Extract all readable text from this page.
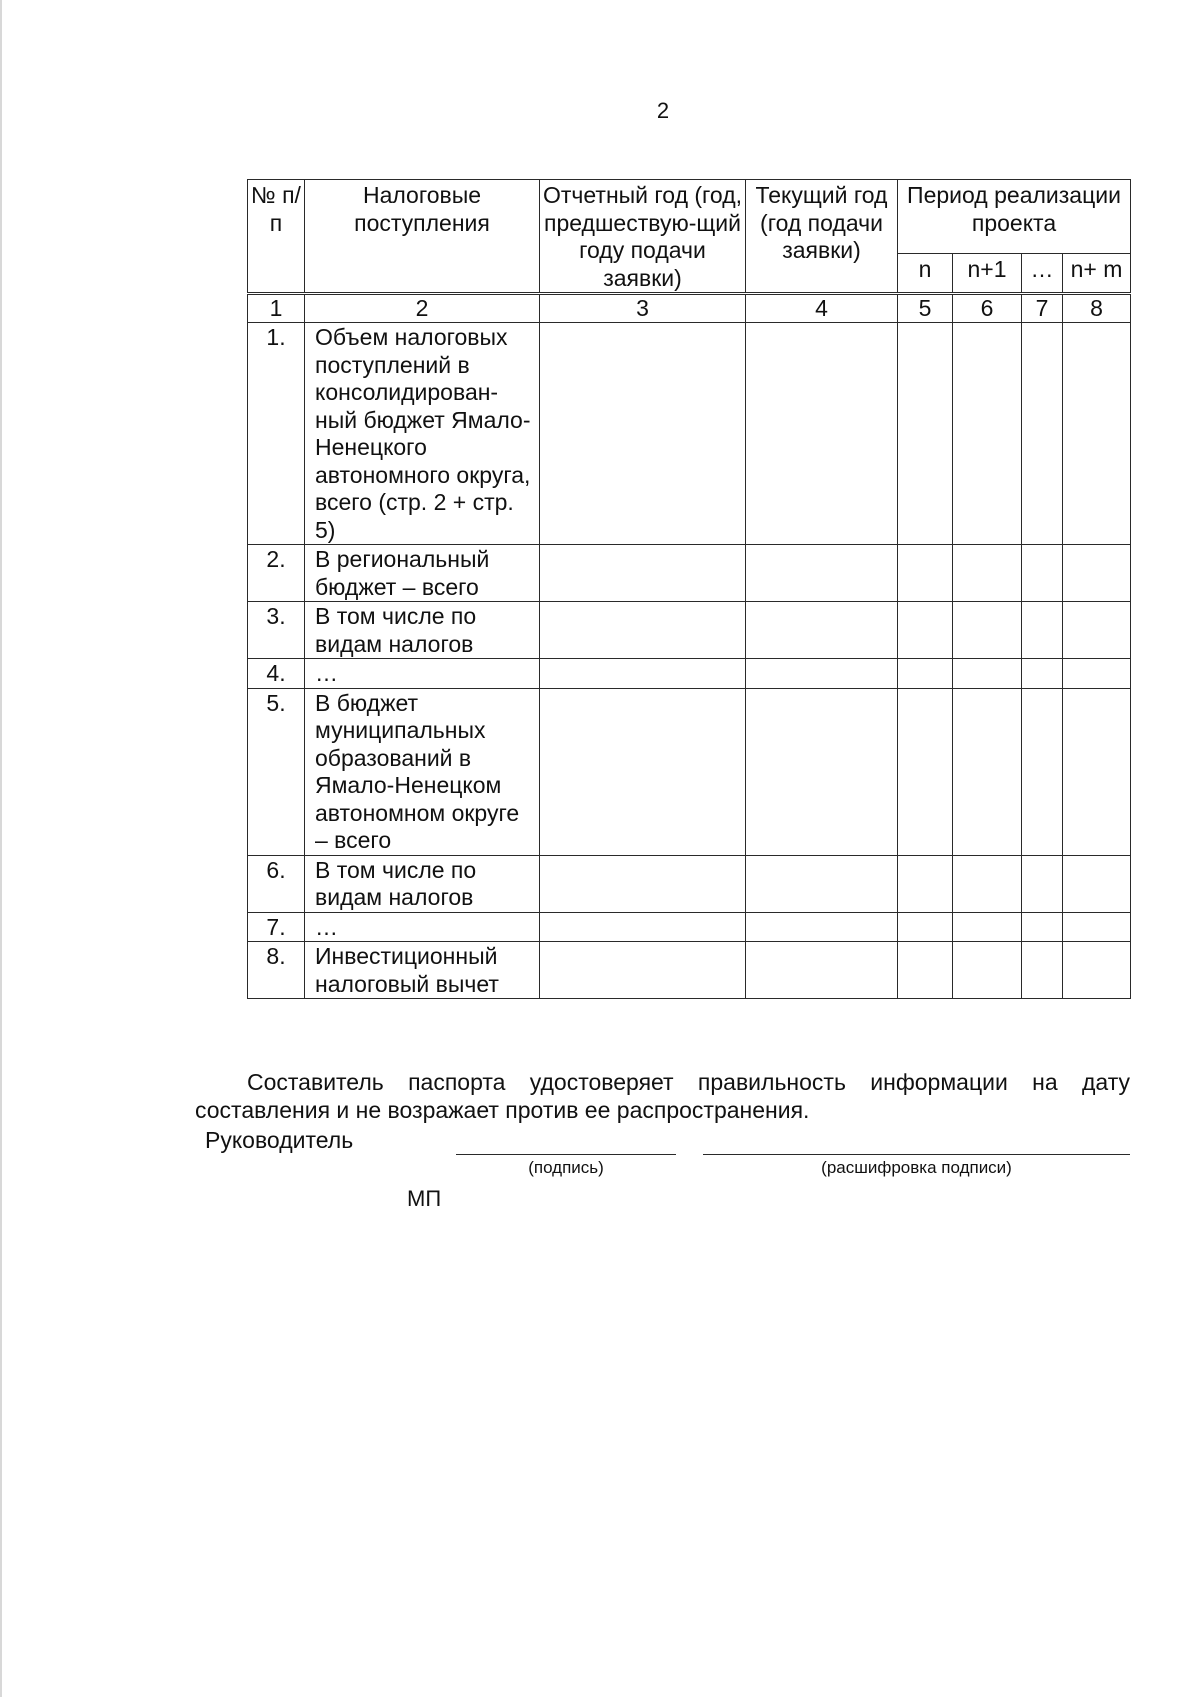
2
№ п/п	Налоговые поступления	Отчетный год (год, предшествую-щий году подачи заявки)	Текущий год (год подачи заявки)	Период реализации проекта			
				n	n+1	…	n+ m
1	2	3	4	5	6	7	8
1.	Объем налоговых поступлений в консолидирован-ный бюджет Ямало-Ненецкого автономного округа, всего (стр. 2 + стр. 5)						
2.	В региональный бюджет – всего						
3.	В том числе по видам налогов						
4.	…						
5.	В бюджет муниципальных образований в Ямало-Ненецком автономном округе – всего						
6.	В том числе по видам налогов						
7.	…						
8.	Инвестиционный налоговый вычет						

Составитель паспорта удостоверяет правильность информации на дату составления и не возражает против ее распространения.

Руководитель
(подпись)	(расшифровка подписи)
МП
